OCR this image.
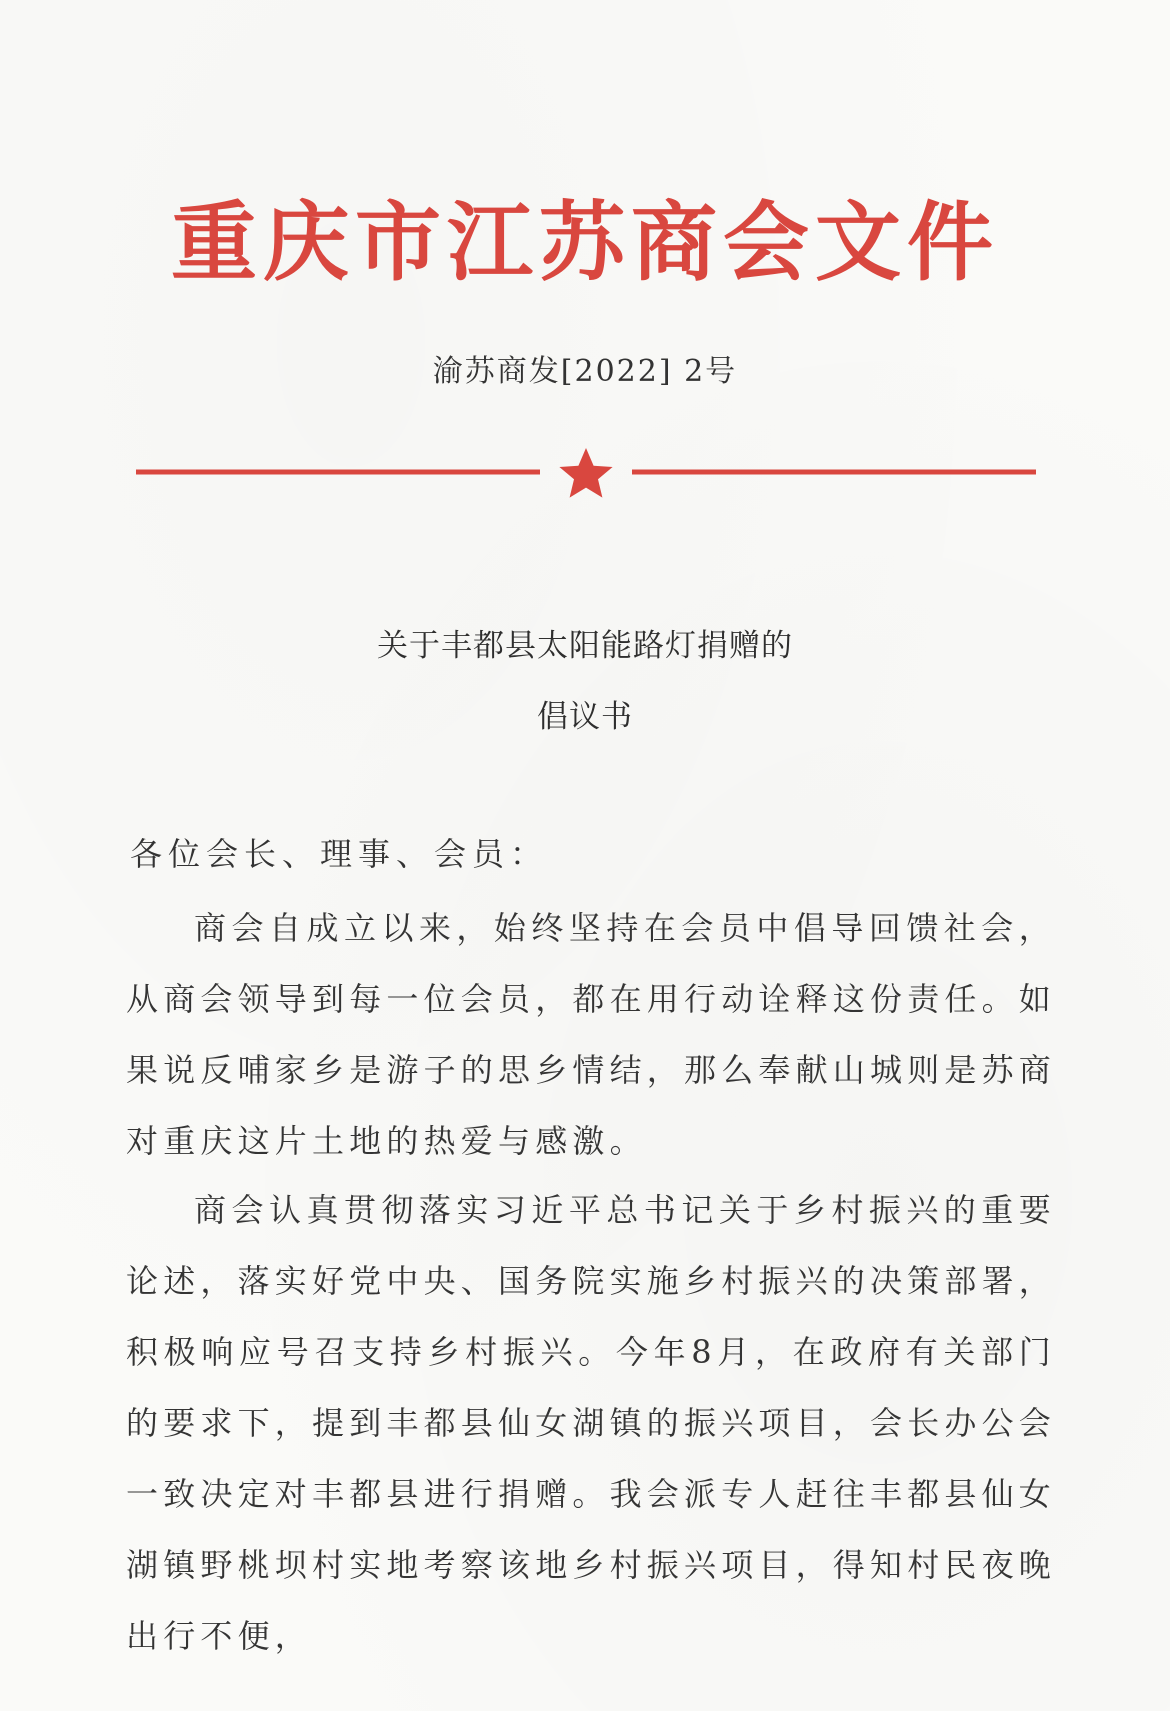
重庆市江苏商会文件
渝苏商发[2022] 2号
关于丰都县太阳能路灯捐赠的
倡议书
各位会长、理事、会员：

商会自成立以来，始终坚持在会员中倡导回馈社会，从商会领导到每一位会员，都在用行动诠释这份责任。如果说反哺家乡是游子的思乡情结，那么奉献山城则是苏商对重庆这片土地的热爱与感激。

商会认真贯彻落实习近平总书记关于乡村振兴的重要论述，落实好党中央、国务院实施乡村振兴的决策部署，积极响应号召支持乡村振兴。今年8月，在政府有关部门的要求下，提到丰都县仙女湖镇的振兴项目，会长办公会一致决定对丰都县进行捐赠。我会派专人赶往丰都县仙女湖镇野桃坝村实地考察该地乡村振兴项目，得知村民夜晚出行不便，
